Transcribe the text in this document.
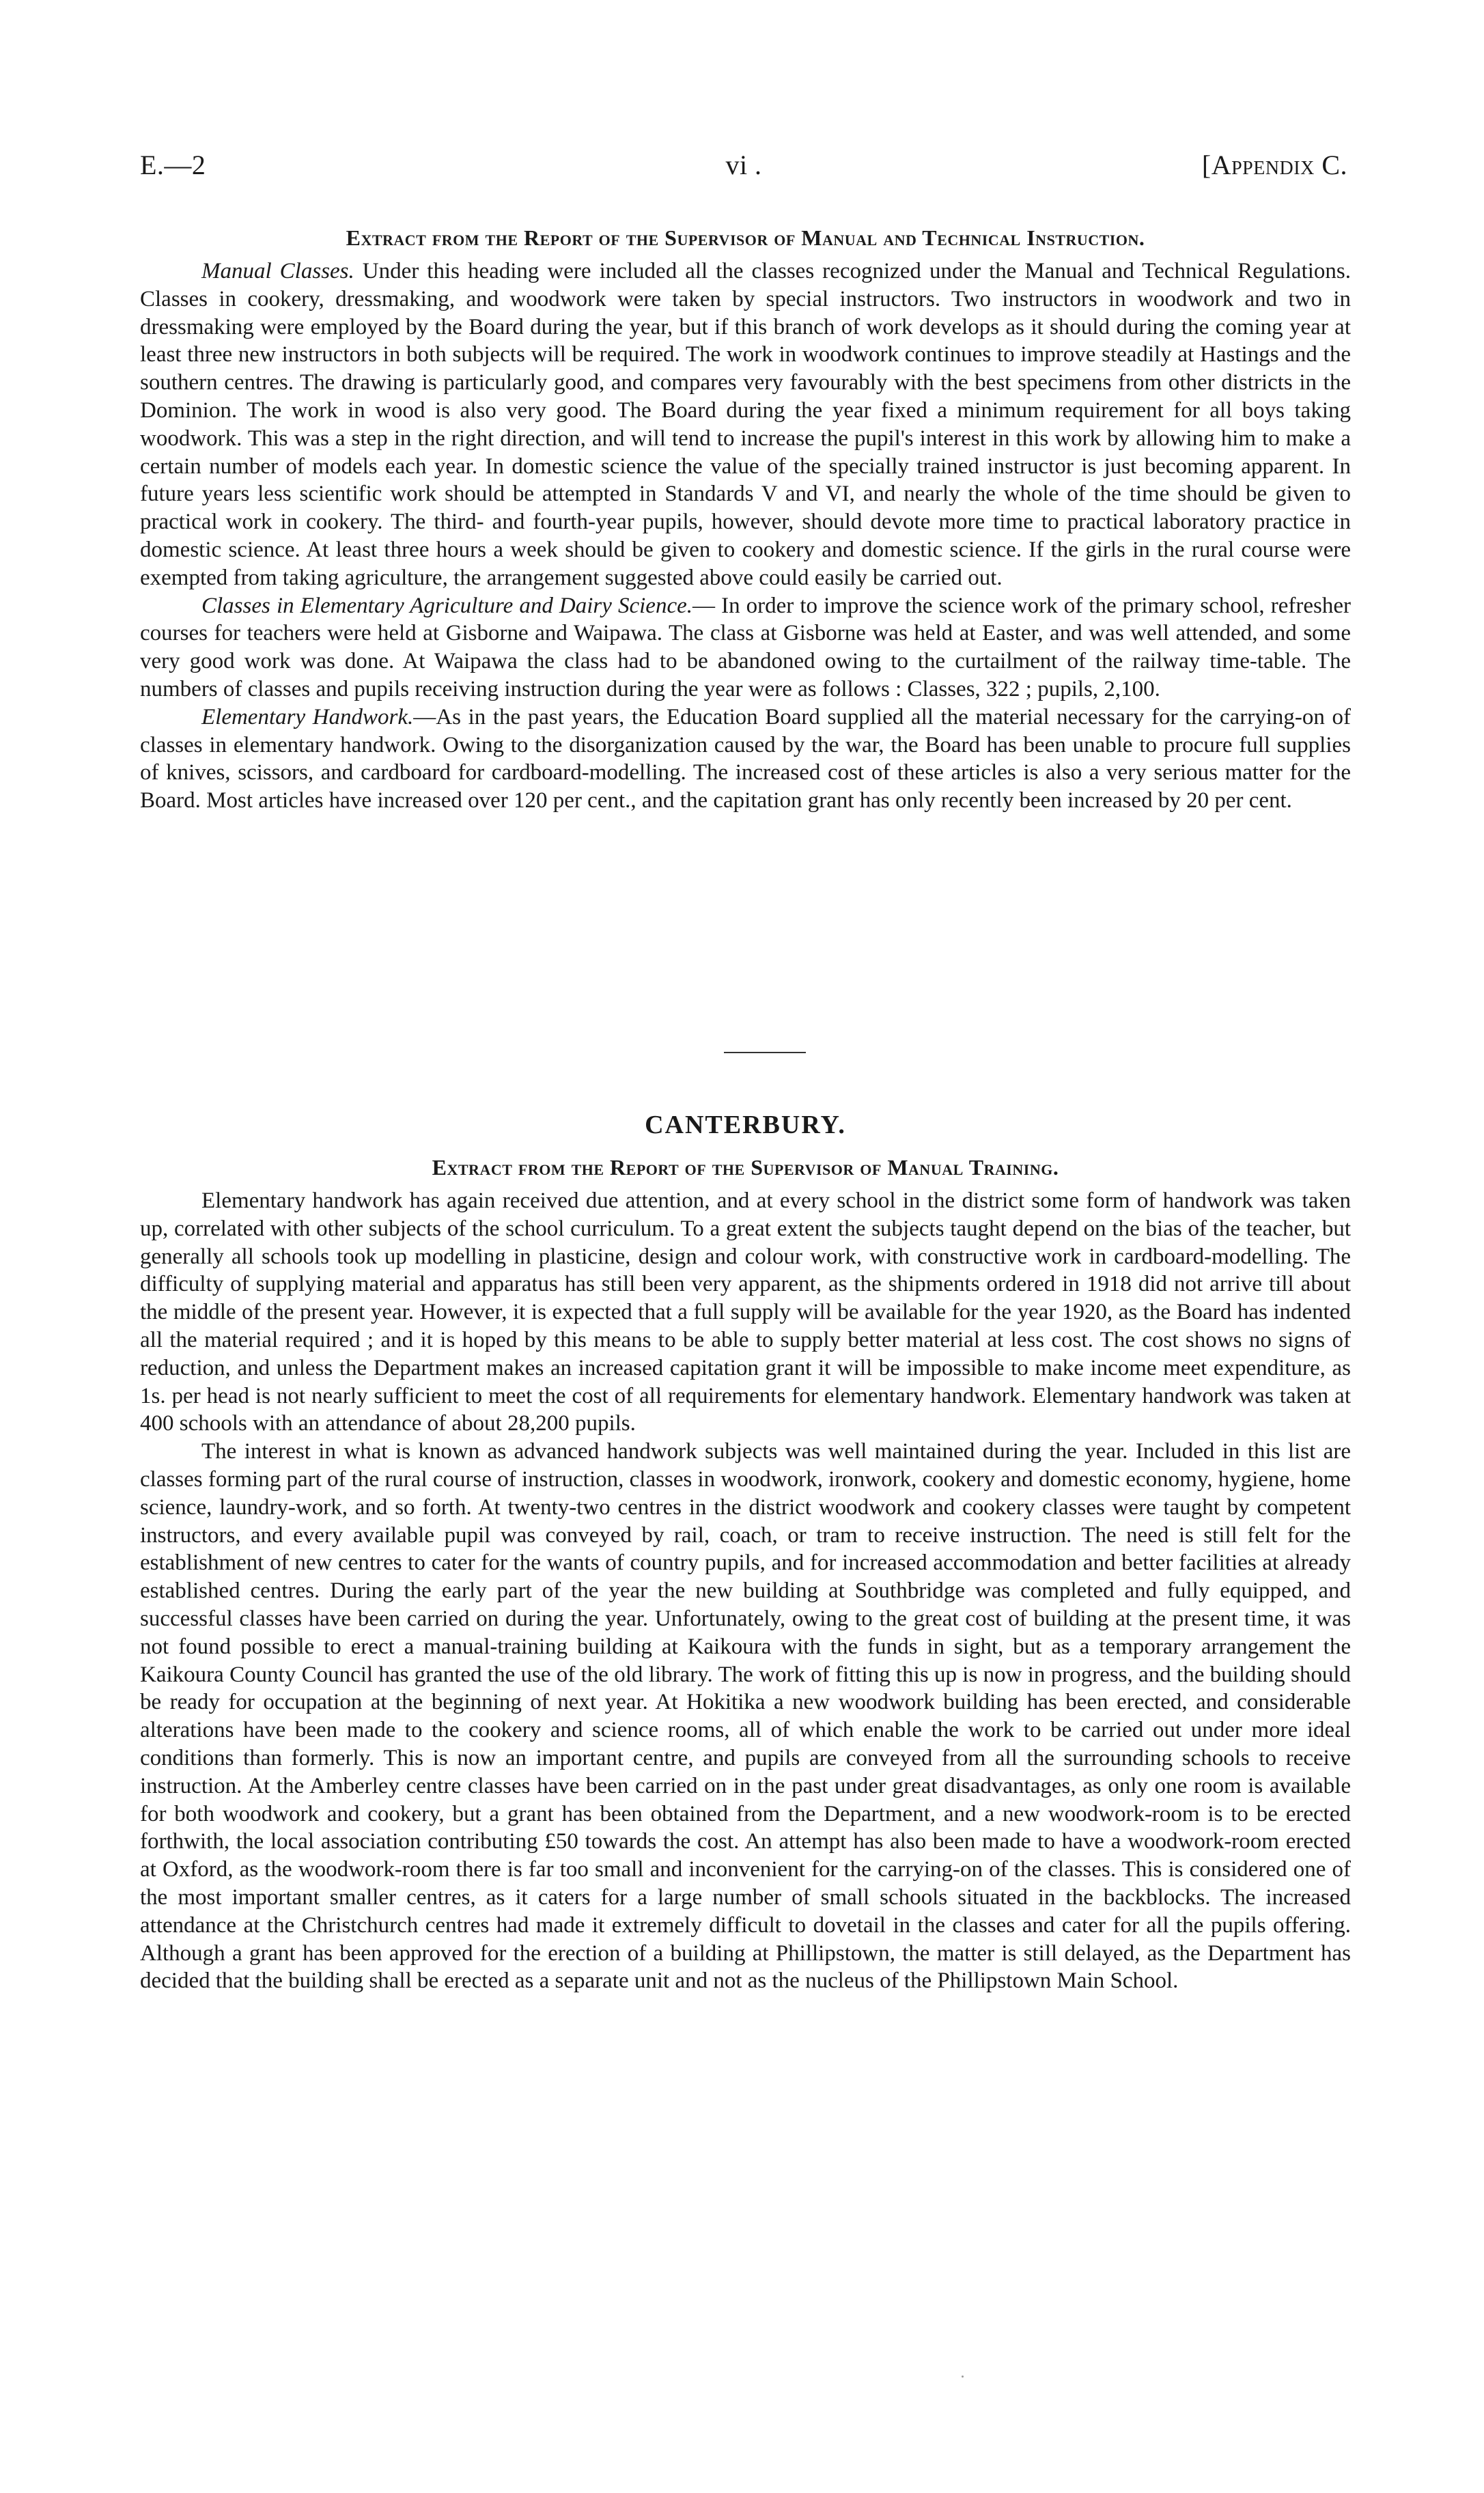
E.—2	vi .	[Appendix C.
Extract from the Report of the Supervisor of Manual and Technical Instruction.

Manual Classes. Under this heading were included all the classes recognized under the Manual and Technical Regulations. Classes in cookery, dressmaking, and woodwork were taken by special instructors. Two instructors in woodwork and two in dressmaking were employed by the Board during the year, but if this branch of work develops as it should during the coming year at least three new instructors in both subjects will be required. The work in woodwork continues to improve steadily at Hastings and the southern centres. The drawing is particularly good, and compares very favourably with the best specimens from other districts in the Dominion. The work in wood is also very good. The Board during the year fixed a minimum requirement for all boys taking woodwork. This was a step in the right direction, and will tend to increase the pupil's interest in this work by allowing him to make a certain number of models each year. In domestic science the value of the specially trained instructor is just becoming apparent. In future years less scientific work should be attempted in Standards V and VI, and nearly the whole of the time should be given to practical work in cookery. The third- and fourth-year pupils, however, should devote more time to practical laboratory practice in domestic science. At least three hours a week should be given to cookery and domestic science. If the girls in the rural course were exempted from taking agriculture, the arrangement suggested above could easily be carried out.

Classes in Elementary Agriculture and Dairy Science.— In order to improve the science work of the primary school, refresher courses for teachers were held at Gisborne and Waipawa. The class at Gisborne was held at Easter, and was well attended, and some very good work was done. At Waipawa the class had to be abandoned owing to the curtailment of the railway time-table. The numbers of classes and pupils receiving instruction during the year were as follows : Classes, 322 ; pupils, 2,100.

Elementary Handwork.—As in the past years, the Education Board supplied all the material necessary for the carrying-on of classes in elementary handwork. Owing to the disorganization caused by the war, the Board has been unable to procure full supplies of knives, scissors, and cardboard for cardboard-modelling. The increased cost of these articles is also a very serious matter for the Board. Most articles have increased over 120 per cent., and the capitation grant has only recently been increased by 20 per cent.

CANTERBURY.
Extract from the Report of the Supervisor of Manual Training.

Elementary handwork has again received due attention, and at every school in the district some form of handwork was taken up, correlated with other subjects of the school curriculum. To a great extent the subjects taught depend on the bias of the teacher, but generally all schools took up modelling in plasticine, design and colour work, with constructive work in cardboard-modelling. The difficulty of supplying material and apparatus has still been very apparent, as the shipments ordered in 1918 did not arrive till about the middle of the present year. However, it is expected that a full supply will be available for the year 1920, as the Board has indented all the material required ; and it is hoped by this means to be able to supply better material at less cost. The cost shows no signs of reduction, and unless the Department makes an increased capitation grant it will be impossible to make income meet expenditure, as 1s. per head is not nearly sufficient to meet the cost of all requirements for elementary handwork. Elementary handwork was taken at 400 schools with an attendance of about 28,200 pupils.

The interest in what is known as advanced handwork subjects was well maintained during the year. Included in this list are classes forming part of the rural course of instruction, classes in woodwork, ironwork, cookery and domestic economy, hygiene, home science, laundry-work, and so forth. At twenty-two centres in the district woodwork and cookery classes were taught by competent instructors, and every available pupil was conveyed by rail, coach, or tram to receive instruction. The need is still felt for the establishment of new centres to cater for the wants of country pupils, and for increased accommodation and better facilities at already established centres. During the early part of the year the new building at Southbridge was completed and fully equipped, and successful classes have been carried on during the year. Unfortunately, owing to the great cost of building at the present time, it was not found possible to erect a manual-training building at Kaikoura with the funds in sight, but as a temporary arrangement the Kaikoura County Council has granted the use of the old library. The work of fitting this up is now in progress, and the building should be ready for occupation at the beginning of next year. At Hokitika a new woodwork building has been erected, and considerable alterations have been made to the cookery and science rooms, all of which enable the work to be carried out under more ideal conditions than formerly. This is now an important centre, and pupils are conveyed from all the surrounding schools to receive instruction. At the Amberley centre classes have been carried on in the past under great disadvantages, as only one room is available for both woodwork and cookery, but a grant has been obtained from the Department, and a new woodwork-room is to be erected forthwith, the local association contributing £50 towards the cost. An attempt has also been made to have a woodwork-room erected at Oxford, as the woodwork-room there is far too small and inconvenient for the carrying-on of the classes. This is considered one of the most important smaller centres, as it caters for a large number of small schools situated in the backblocks. The increased attendance at the Christchurch centres had made it extremely difficult to dovetail in the classes and cater for all the pupils offering. Although a grant has been approved for the erection of a building at Phillipstown, the matter is still delayed, as the Department has decided that the building shall be erected as a separate unit and not as the nucleus of the Phillipstown Main School.
